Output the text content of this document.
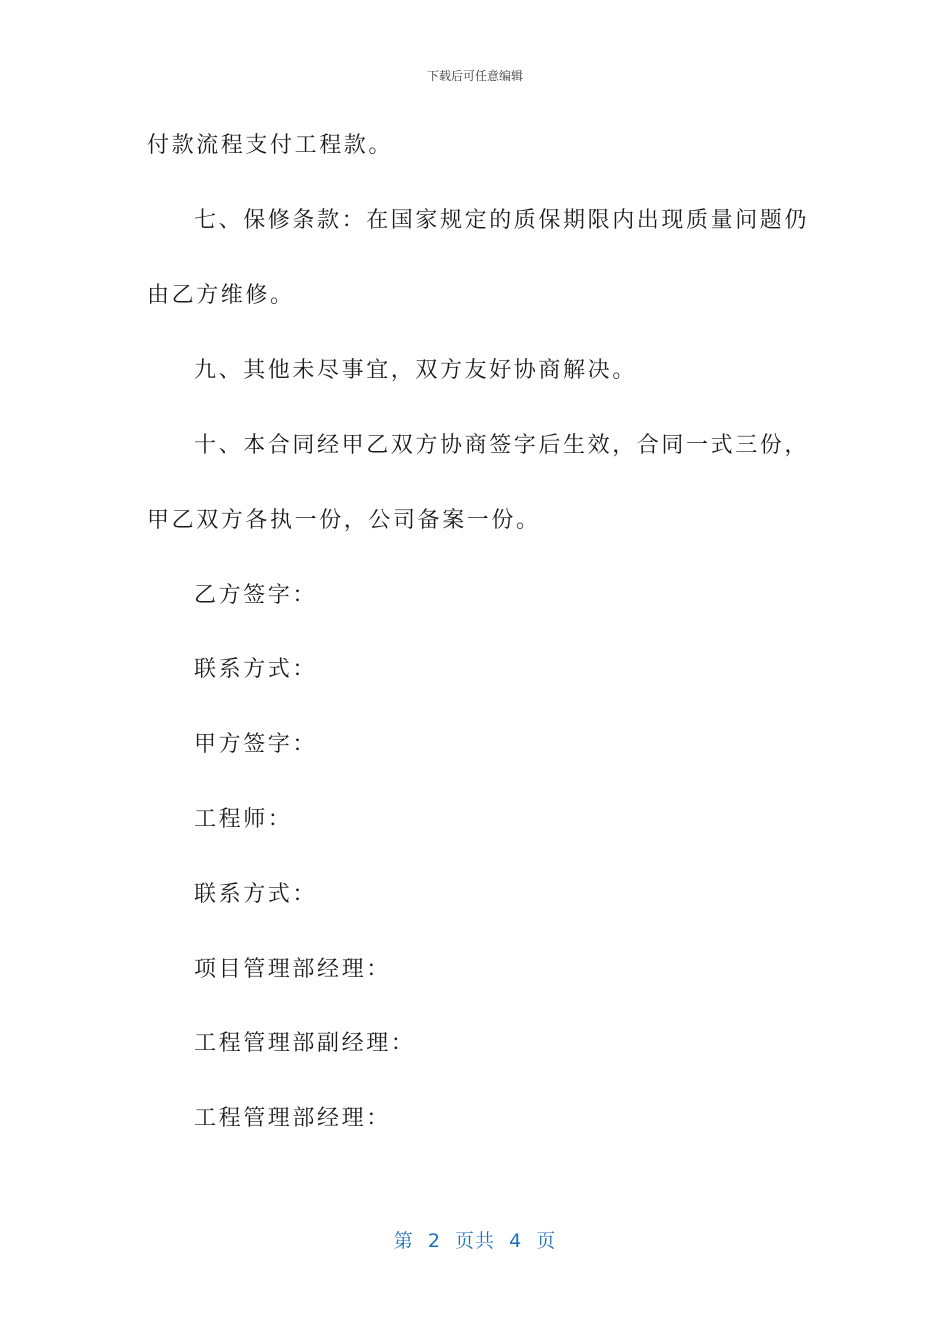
下载后可任意编辑
付款流程支付工程款。
七、保修条款：在国家规定的质保期限内出现质量问题仍
由乙方维修。
九、其他未尽事宜，双方友好协商解决。
十、本合同经甲乙双方协商签字后生效，合同一式三份，
甲乙双方各执一份，公司备案一份。
乙方签字：
联系方式：
甲方签字：
工程师：
联系方式：
项目管理部经理：
工程管理部副经理：
工程管理部经理：
第  2  页共  4  页
